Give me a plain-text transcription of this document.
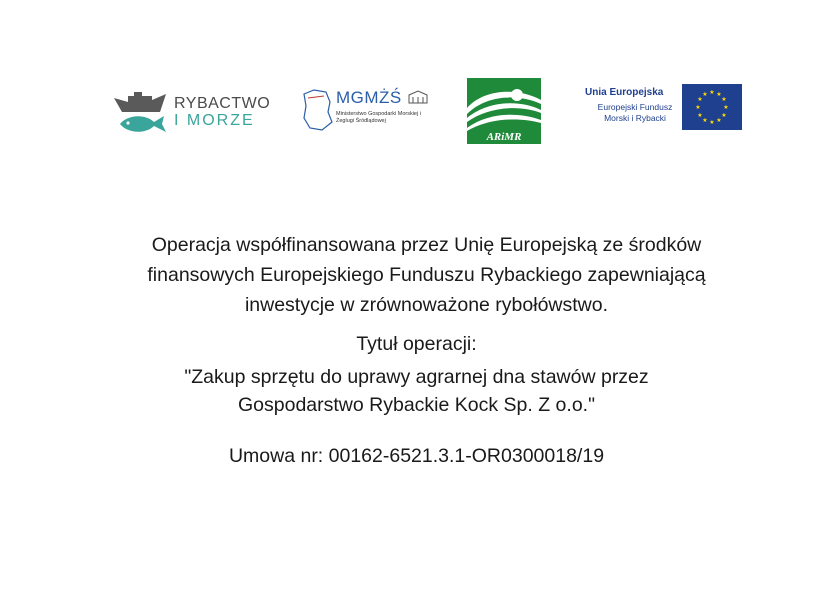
RYBACTWO
I MORZE
MGMŻŚ
Ministerstwo Gospodarki Morskiej i Żeglugi Śródlądowej
ARiMR
Unia Europejska
Europejski Fundusz
Morski i Rybacki
★ ★
★
★
★
★
★
★
★
★
★
★

Operacja współfinansowana przez Unię Europejską ze środków
finansowych Europejskiego Funduszu Rybackiego zapewniającą
inwestycje w zrównoważone rybołówstwo.

Tytuł operacji:

"Zakup sprzętu do uprawy agrarnej dna stawów przez
Gospodarstwo Rybackie Kock Sp. Z o.o."

Umowa nr: 00162-6521.3.1-OR0300018/19
